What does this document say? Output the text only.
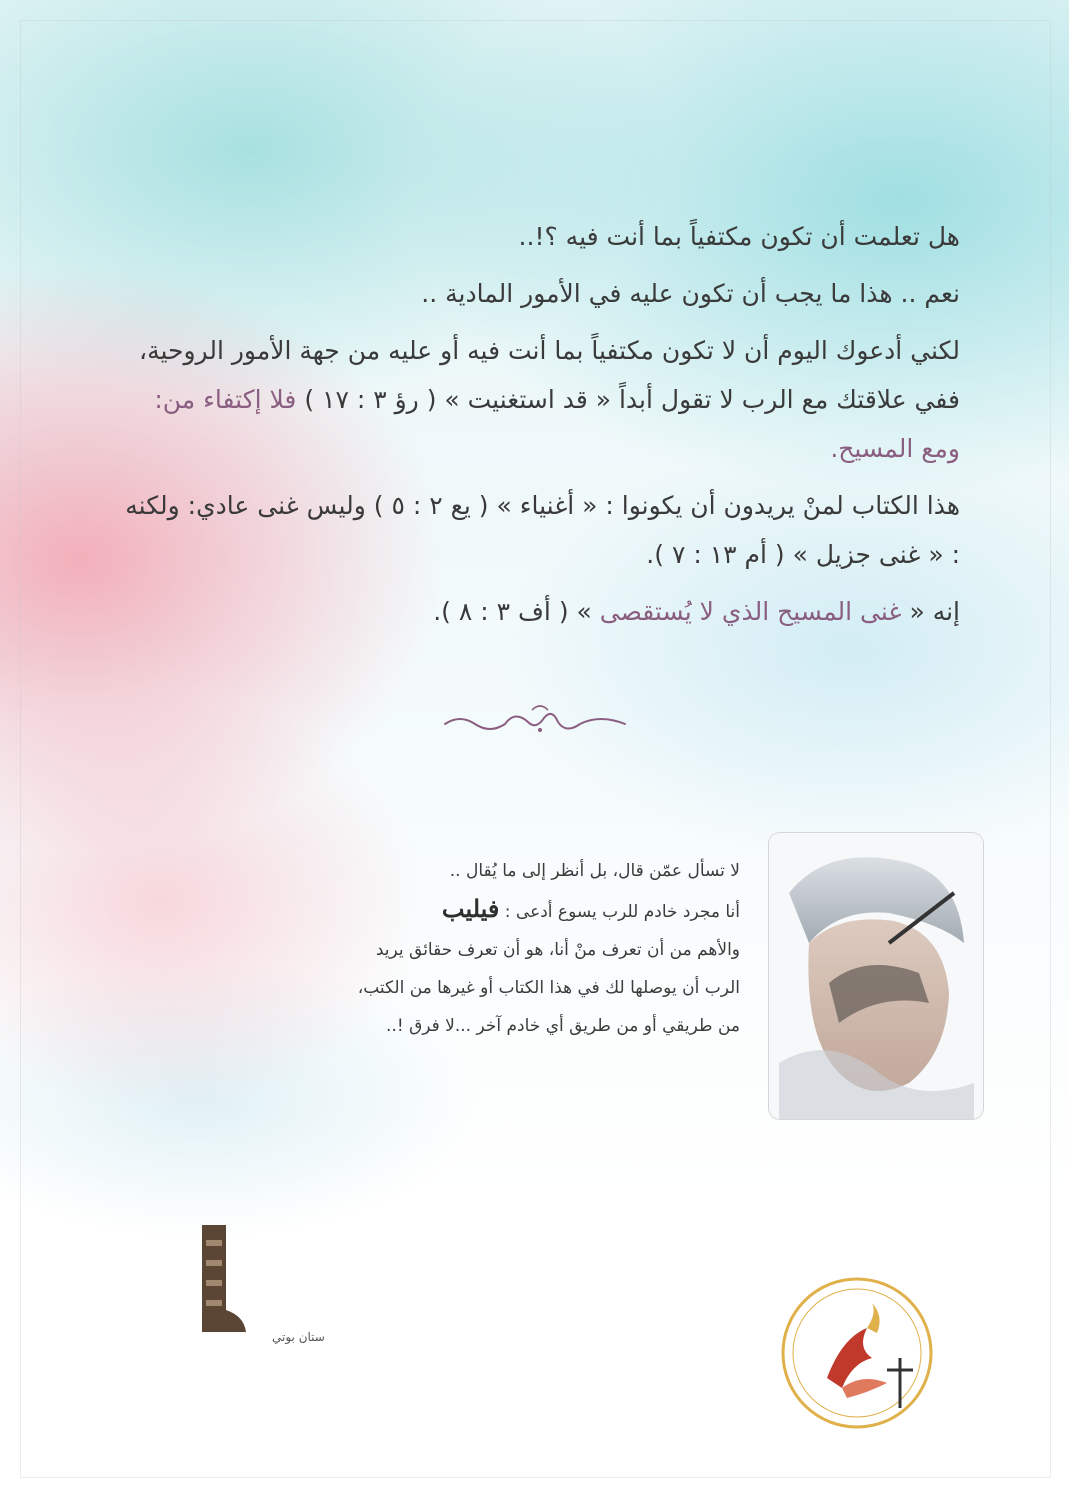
هل تعلمت أن تكون مكتفياً بما أنت فيه ؟!..

نعم .. هذا ما يجب أن تكون عليه في الأمور المادية ..

لكني أدعوك اليوم أن لا تكون مكتفياً بما أنت فيه أو عليه من جهة الأمور الروحية، ففي علاقتك مع الرب لا تقول أبداً « قد استغنيت » ( رؤ ٣ : ١٧ ) فلا إكتفاء من: ومع المسيح.

هذا الكتاب لمنْ يريدون أن يكونوا : « أغنياء » ( يع ٢ : ٥ ) وليس غنى عادي: ولكنه : « غنى جزيل » ( أم ١٣ : ٧ ).

إنه « غنى المسيح الذي لا يُستقصى » ( أف ٣ : ٨ ).

لا تسأل عمّن قال، بل أنظر إلى ما يُقال ..

أنا مجرد خادم للرب يسوع أدعى : فيليب

والأهم من أن تعرف منْ أنا، هو أن تعرف حقائق يريد

الرب أن يوصلها لك في هذا الكتاب أو غيرها من الكتب،

من طريقي أو من طريق أي خادم آخر ...لا فرق !..

ستان بوتي
